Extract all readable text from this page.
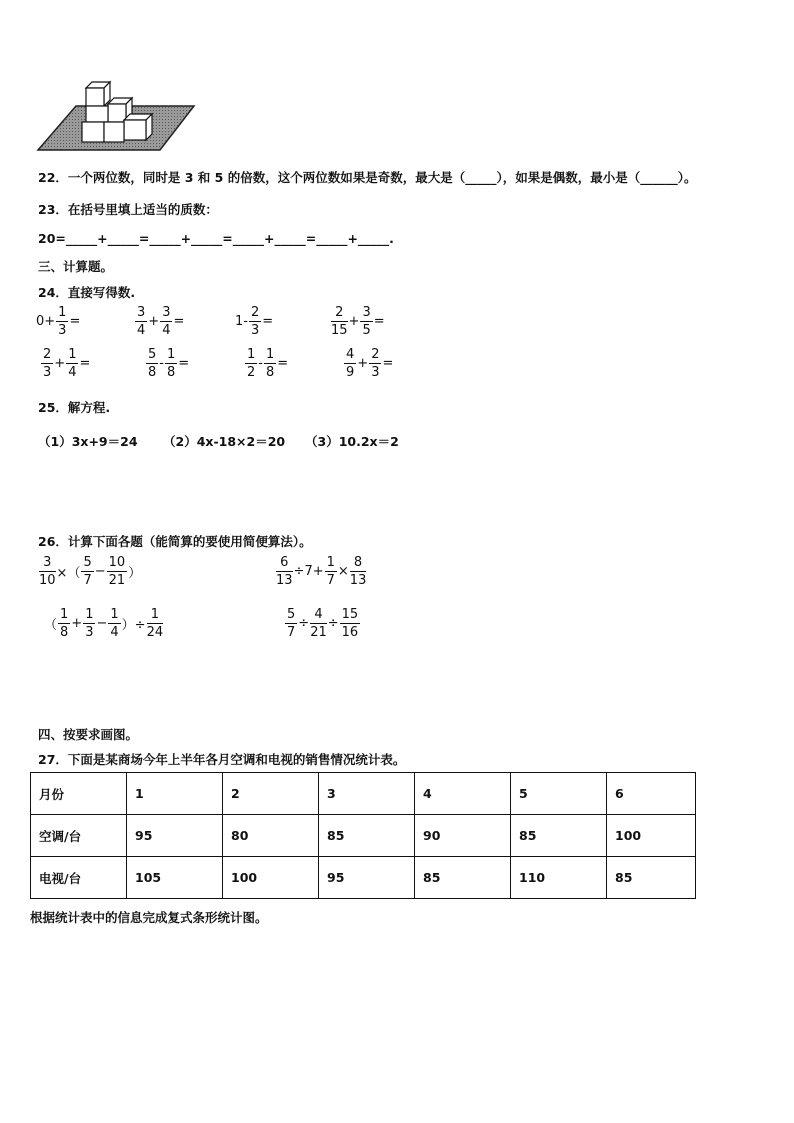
22．一个两位数，同时是 3 和 5 的倍数，这个两位数如果是奇数，最大是（_____），如果是偶数，最小是（______）。
23．在括号里填上适当的质数：
20=_____+_____=_____+_____=_____+_____=_____+_____.
三、计算题。
24．直接写得数.
$0+ \frac{1}{3}$ =	$\frac{3}{4} + \frac{3}{4}$ =	$1- \frac{2}{3}$ =	$\frac{2}{15} + \frac{3}{5}$ =
$\frac{2}{3} + \frac{1}{4}$ =	$\frac{5}{8} - \frac{1}{8}$ =	$\frac{1}{2} - \frac{1}{8}$ =	$\frac{4}{9} + \frac{2}{3}$ =
25．解方程.
（1）3x+9＝24 （2）4x-18×2＝20 （3）10.2x＝2
26．计算下面各题（能简算的要使用简便算法）。
$\frac{3}{10}$ ×（ $\frac{5}{7} - \frac{10}{21}$ ）	$\frac{6}{13} \div 7+ \frac{1}{7} \times \frac{8}{13}$
（ $\frac{1}{8} + \frac{1}{3} - \frac{1}{4}$ ）÷ $\frac{1}{24}$	$\frac{5}{7} \div \frac{4}{21} \div \frac{15}{16}$
四、按要求画图。
27．下面是某商场今年上半年各月空调和电视的销售情况统计表。
月份	1	2	3	4	5	6
空调/台	95	80	85	90	85	100
电视/台	105	100	95	85	110	85
根据统计表中的信息完成复式条形统计图。
